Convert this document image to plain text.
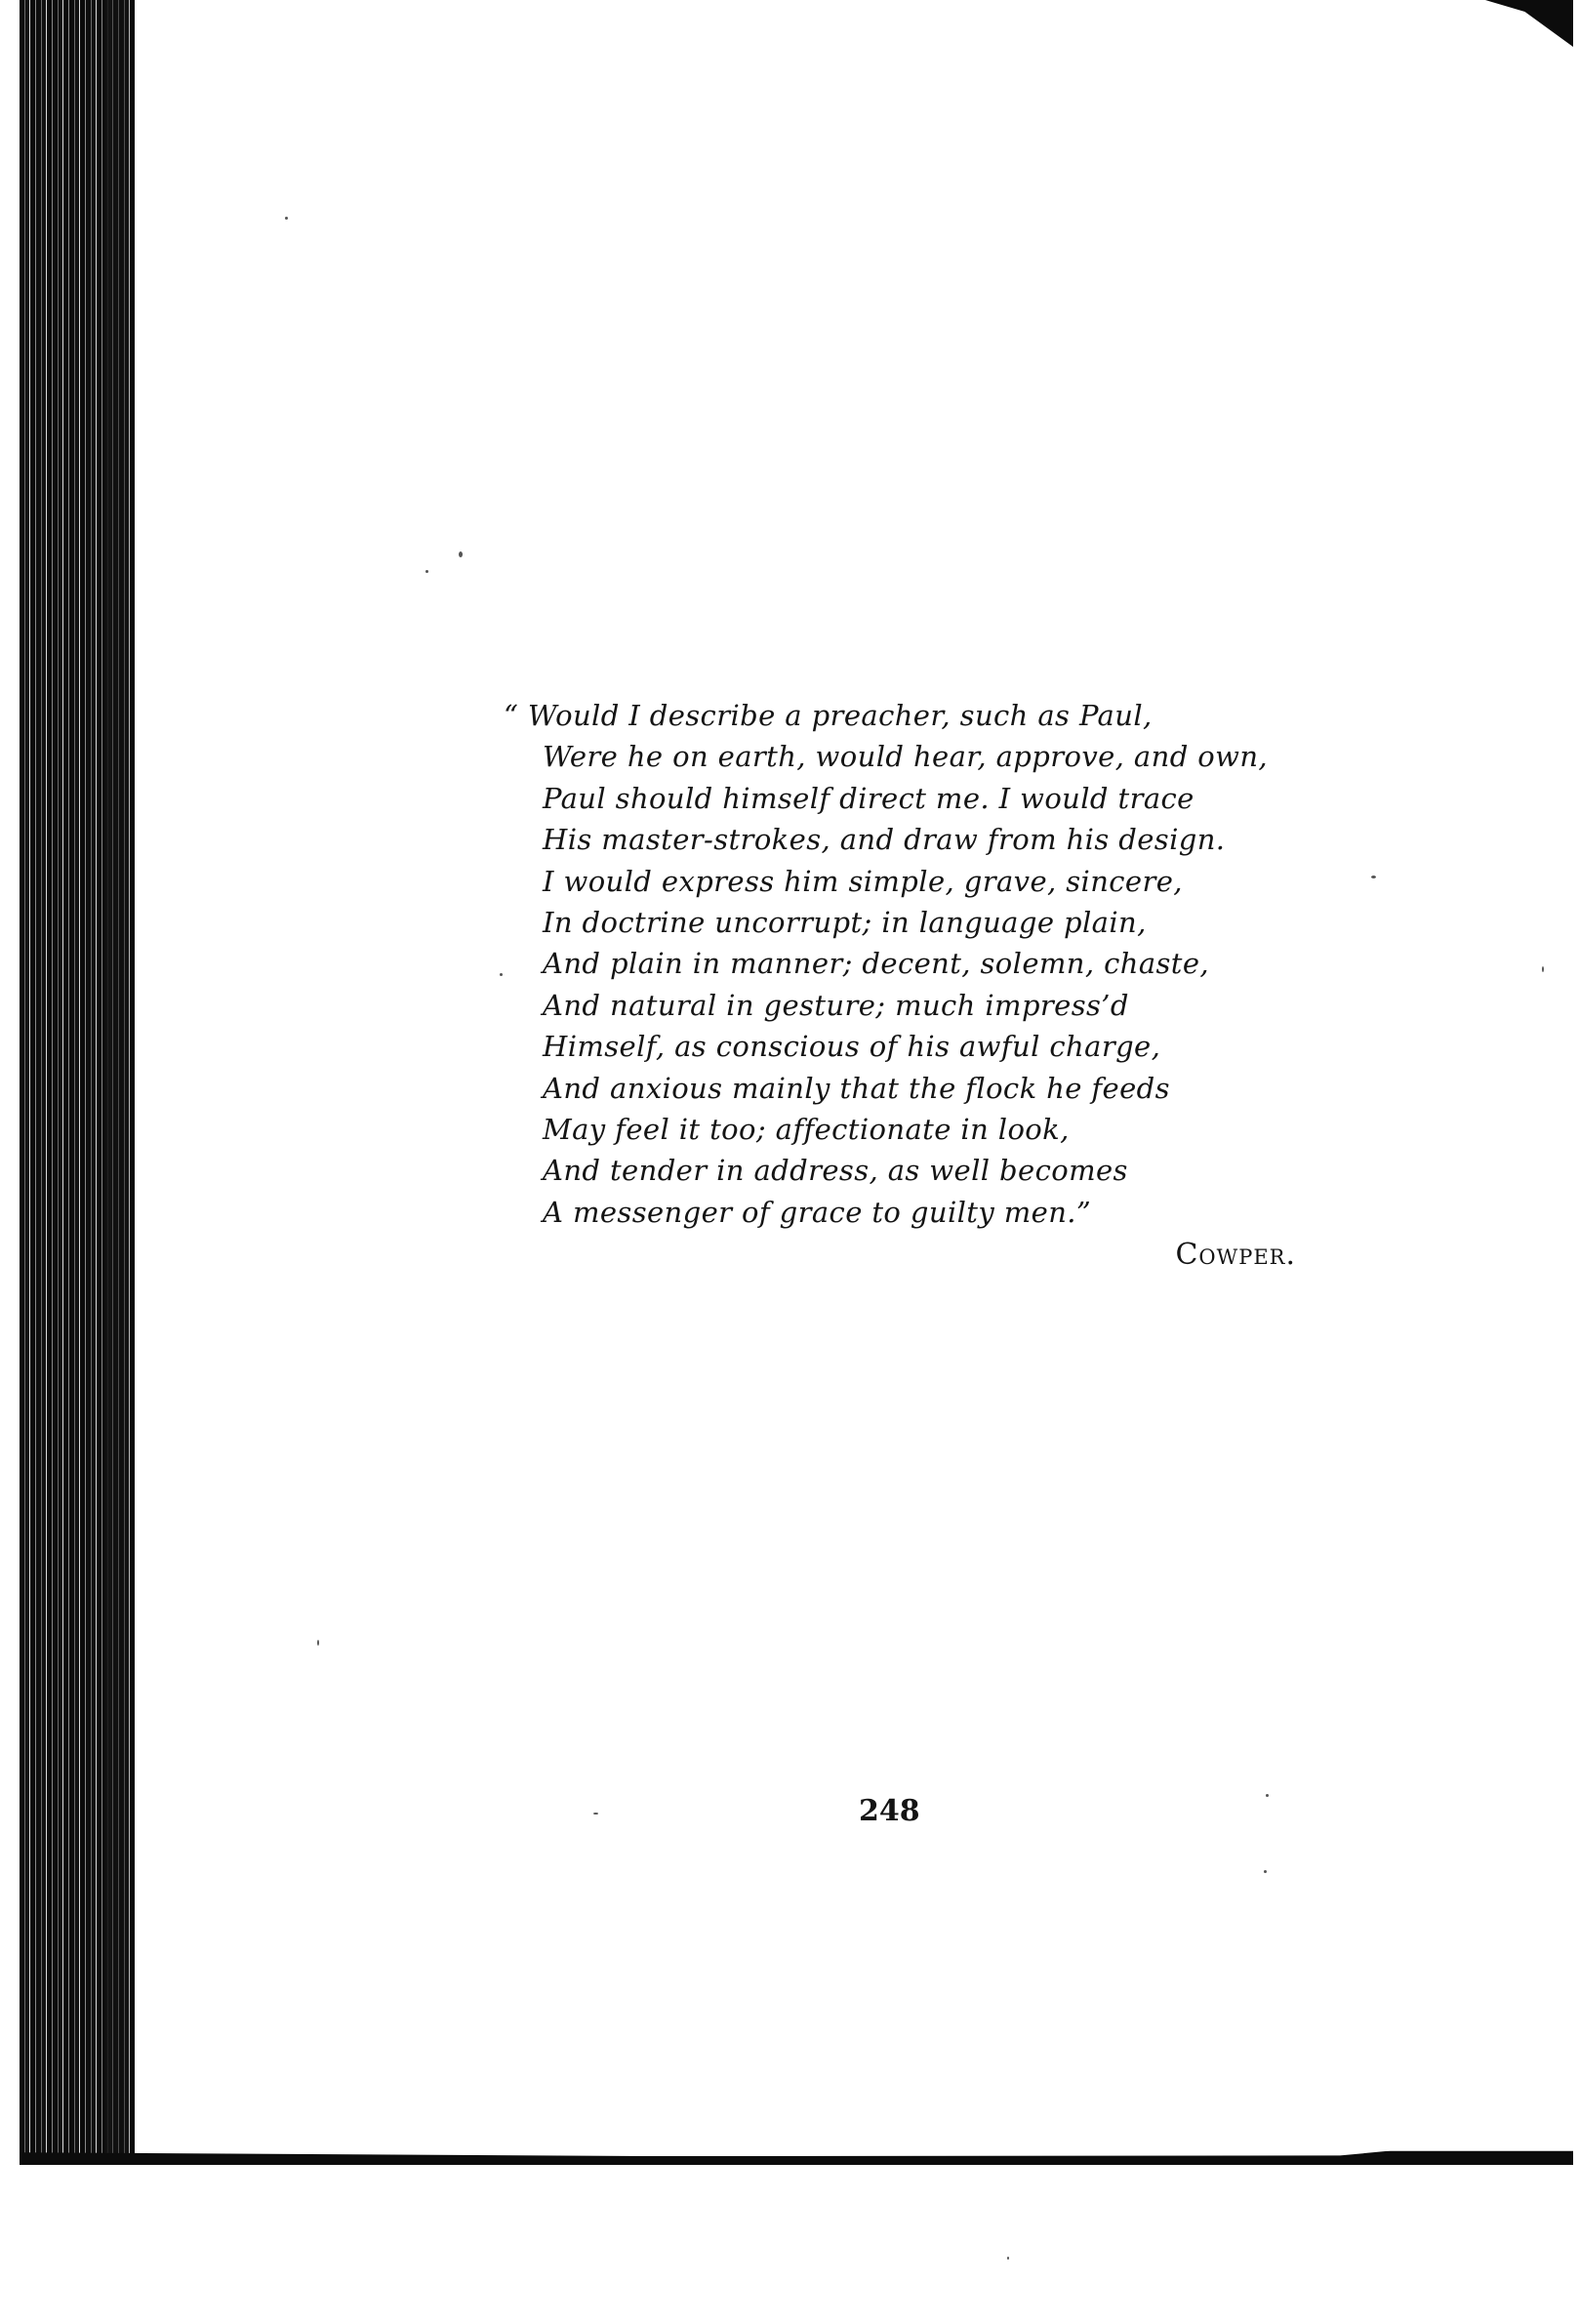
“ Would I describe a preacher, such as Paul,
Were he on earth, would hear, approve, and own,
Paul should himself direct me. I would trace
His master-strokes, and draw from his design.
I would express him simple, grave, sincere,
In doctrine uncorrupt; in language plain,
And plain in manner; decent, solemn, chaste,
And natural in gesture; much impress’d
Himself, as conscious of his awful charge,
And anxious mainly that the flock he feeds
May feel it too; affectionate in look,
And tender in address, as well becomes
A messenger of grace to guilty men.”
Cowper.
248
